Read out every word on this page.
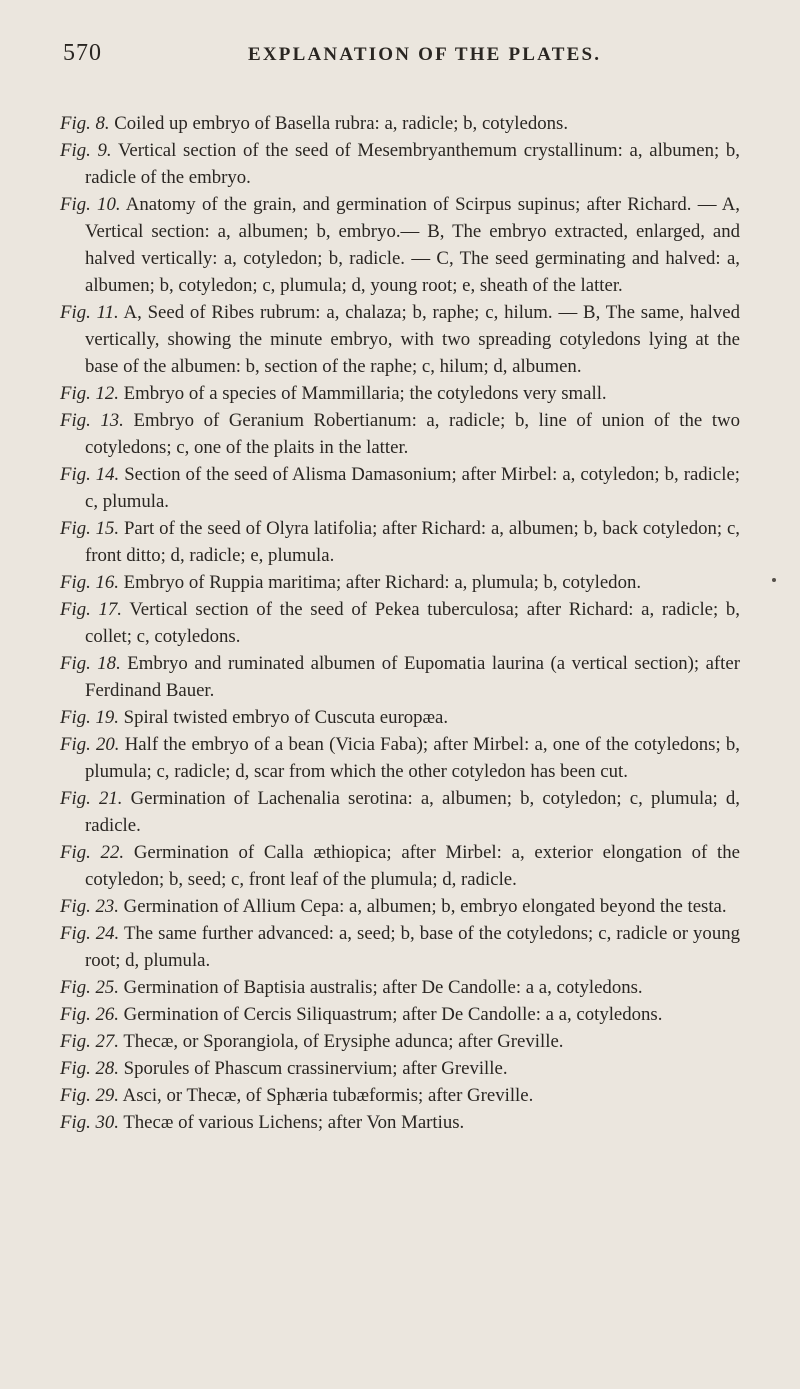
570	EXPLANATION OF THE PLATES.

Fig. 8. Coiled up embryo of Basella rubra: a, radicle; b, cotyledons.

Fig. 9. Vertical section of the seed of Mesembryanthemum crystallinum: a, albumen; b, radicle of the embryo.

Fig. 10. Anatomy of the grain, and germination of Scirpus supinus; after Richard. — A, Vertical section: a, albumen; b, embryo.— B, The embryo extracted, enlarged, and halved vertically: a, cotyledon; b, radicle. — C, The seed germinating and halved: a, albumen; b, cotyledon; c, plumula; d, young root; e, sheath of the latter.

Fig. 11. A, Seed of Ribes rubrum: a, chalaza; b, raphe; c, hilum. — B, The same, halved vertically, showing the minute embryo, with two spreading cotyledons lying at the base of the albumen: b, section of the raphe; c, hilum; d, albumen.

Fig. 12. Embryo of a species of Mammillaria; the cotyledons very small.

Fig. 13. Embryo of Geranium Robertianum: a, radicle; b, line of union of the two cotyledons; c, one of the plaits in the latter.

Fig. 14. Section of the seed of Alisma Damasonium; after Mirbel: a, cotyledon; b, radicle; c, plumula.

Fig. 15. Part of the seed of Olyra latifolia; after Richard: a, albumen; b, back cotyledon; c, front ditto; d, radicle; e, plumula.

Fig. 16. Embryo of Ruppia maritima; after Richard: a, plumula; b, cotyledon.

Fig. 17. Vertical section of the seed of Pekea tuberculosa; after Richard: a, radicle; b, collet; c, cotyledons.

Fig. 18. Embryo and ruminated albumen of Eupomatia laurina (a vertical section); after Ferdinand Bauer.

Fig. 19. Spiral twisted embryo of Cuscuta europæa.

Fig. 20. Half the embryo of a bean (Vicia Faba); after Mirbel: a, one of the cotyledons; b, plumula; c, radicle; d, scar from which the other cotyledon has been cut.

Fig. 21. Germination of Lachenalia serotina: a, albumen; b, cotyledon; c, plumula; d, radicle.

Fig. 22. Germination of Calla æthiopica; after Mirbel: a, exterior elongation of the cotyledon; b, seed; c, front leaf of the plumula; d, radicle.

Fig. 23. Germination of Allium Cepa: a, albumen; b, embryo elongated beyond the testa.

Fig. 24. The same further advanced: a, seed; b, base of the cotyledons; c, radicle or young root; d, plumula.

Fig. 25. Germination of Baptisia australis; after De Candolle: a a, cotyledons.

Fig. 26. Germination of Cercis Siliquastrum; after De Candolle: a a, cotyledons.

Fig. 27. Thecæ, or Sporangiola, of Erysiphe adunca; after Greville.

Fig. 28. Sporules of Phascum crassinervium; after Greville.

Fig. 29. Asci, or Thecæ, of Sphæria tubæformis; after Greville.

Fig. 30. Thecæ of various Lichens; after Von Martius.
